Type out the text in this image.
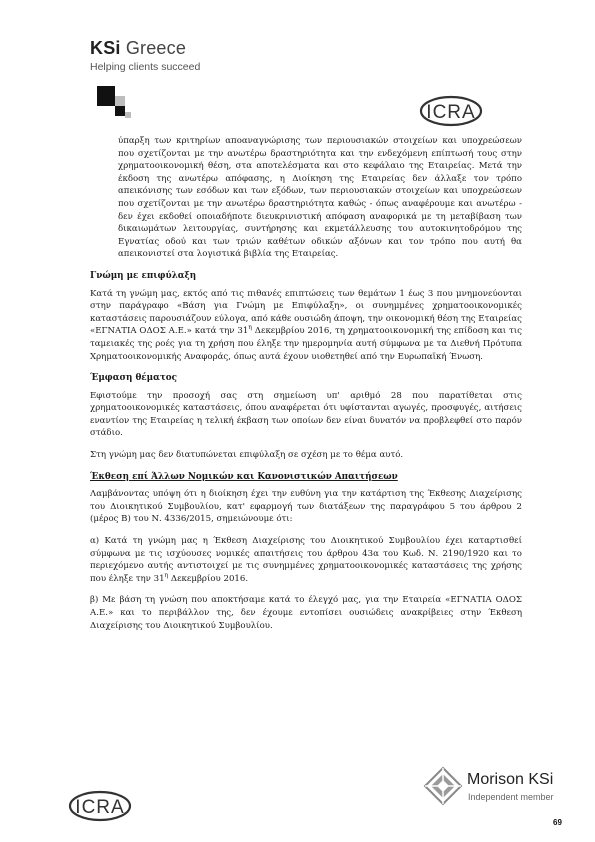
KSi Greece
Helping clients succeed
ICRA

ύπαρξη των κριτηρίων αποαναγνώρισης των περιουσιακών στοιχείων και υποχρεώσεων που σχετίζονται με την ανωτέρω δραστηριότητα και την ενδεχόμενη επίπτωσή τους στην χρηματοοικονομική θέση, στα αποτελέσματα και στο κεφάλαιο της Εταιρείας. Μετά την έκδοση της ανωτέρω απόφασης, η Διοίκηση της Εταιρείας δεν άλλαξε τον τρόπο απεικόνισης των εσόδων και των εξόδων, των περιουσιακών στοιχείων και υποχρεώσεων που σχετίζονται με την ανωτέρω δραστηριότητα καθώς - όπως αναφέρουμε και ανωτέρω - δεν έχει εκδοθεί οποιαδήποτε διευκρινιστική απόφαση αναφορικά με τη μεταβίβαση των δικαιωμάτων λειτουργίας, συντήρησης και εκμετάλλευσης του αυτοκινητοδρόμου της Εγνατίας οδού και των τριών καθέτων οδικών αξόνων και τον τρόπο που αυτή θα απεικονιστεί στα λογιστικά βιβλία της Εταιρείας.

Γνώμη με επιφύλαξη

Κατά τη γνώμη μας, εκτός από τις πιθανές επιπτώσεις των θεμάτων 1 έως 3 που μνημονεύονται στην παράγραφο «Βάση για Γνώμη με Επιφύλαξη», οι συνημμένες χρηματοοικονομικές καταστάσεις παρουσιάζουν εύλογα, από κάθε ουσιώδη άποψη, την οικονομική θέση της Εταιρείας «ΕΓΝΑΤΙΑ ΟΔΟΣ Α.Ε.» κατά την $31^\eta$ Δεκεμβρίου 2016, τη χρηματοοικονομική της επίδοση και τις ταμειακές της ροές για τη χρήση που έληξε την ημερομηνία αυτή σύμφωνα με τα Διεθνή Πρότυπα Χρηματοοικονομικής Αναφοράς, όπως αυτά έχουν υιοθετηθεί από την Ευρωπαϊκή Ένωση.

Έμφαση θέματος

Εφιστούμε την προσοχή σας στη σημείωση υπ' αριθμό 28 που παρατίθεται στις χρηματοοικονομικές καταστάσεις, όπου αναφέρεται ότι υφίστανται αγωγές, προσφυγές, αιτήσεις εναντίον της Εταιρείας η τελική έκβαση των οποίων δεν είναι δυνατόν να προβλεφθεί στο παρόν στάδιο.

Στη γνώμη μας δεν διατυπώνεται επιφύλαξη σε σχέση με το θέμα αυτό.

Έκθεση επί Άλλων Νομικών και Κανονιστικών Απαιτήσεων

Λαμβάνοντας υπόψη ότι η διοίκηση έχει την ευθύνη για την κατάρτιση της Έκθεσης Διαχείρισης του Διοικητικού Συμβουλίου, κατ' εφαρμογή των διατάξεων της παραγράφου 5 του άρθρου 2 (μέρος Β) του Ν. 4336/2015, σημειώνουμε ότι:

α) Κατά τη γνώμη μας η Έκθεση Διαχείρισης του Διοικητικού Συμβουλίου έχει καταρτισθεί σύμφωνα με τις ισχύουσες νομικές απαιτήσεις του άρθρου 43α του Κωδ. Ν. 2190/1920 και το περιεχόμενο αυτής αντιστοιχεί με τις συνημμένες χρηματοοικονομικές καταστάσεις της χρήσης που έληξε την $31^\eta$ Δεκεμβρίου 2016.

β) Με βάση τη γνώση που αποκτήσαμε κατά το έλεγχό μας, για την Εταιρεία «ΕΓΝΑΤΙΑ ΟΔΟΣ Α.Ε.» και το περιβάλλον της, δεν έχουμε εντοπίσει ουσιώδεις ανακρίβειες στην Έκθεση Διαχείρισης του Διοικητικού Συμβουλίου.

Morison KSi
Independent member
ICRA
69
